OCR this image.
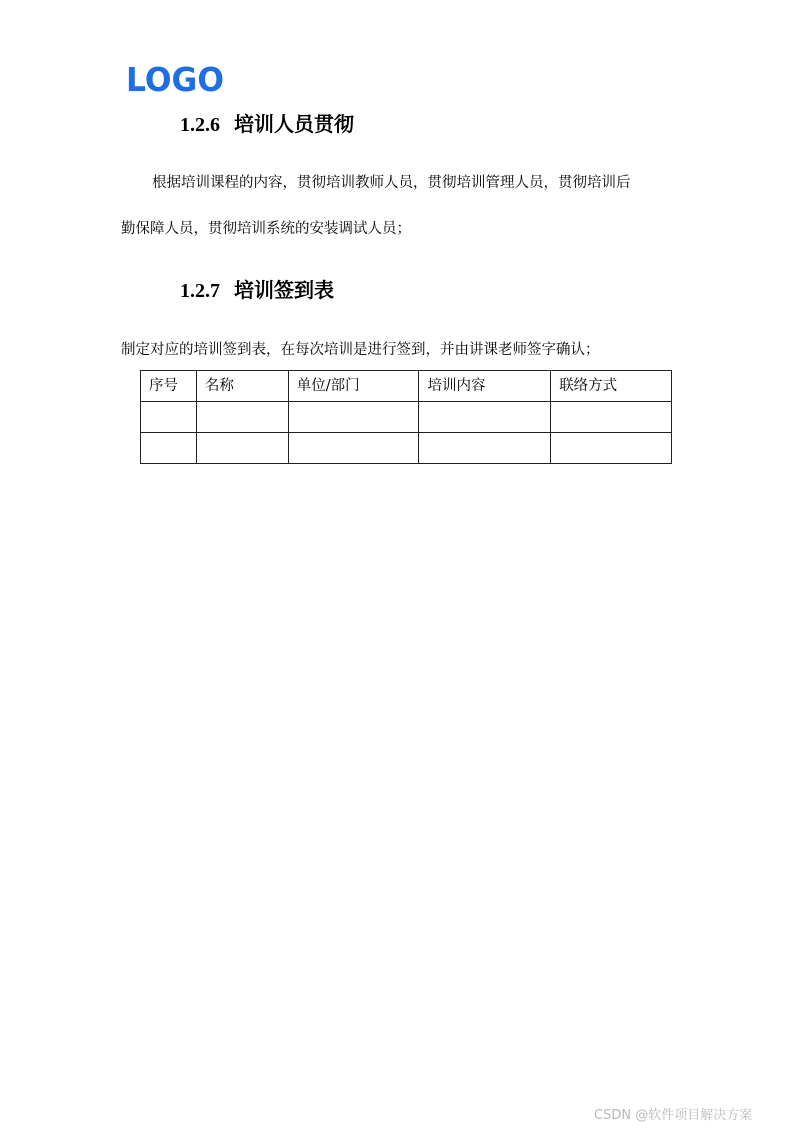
LOGO
1.2.6 培训人员贯彻
根据培训课程的内容，贯彻培训教师人员，贯彻培训管理人员，贯彻培训后
勤保障人员，贯彻培训系统的安装调试人员；
1.2.7 培训签到表
制定对应的培训签到表，在每次培训是进行签到，并由讲课老师签字确认；
序号	名称	单位/部门	培训内容	联络方式

CSDN @软件项目解决方案
